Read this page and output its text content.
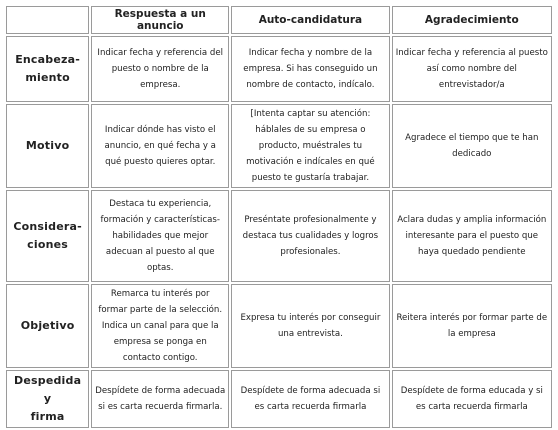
	Respuesta a un anuncio	Auto-candidatura	Agradecimiento

Encabeza-
miento	Indicar fecha y referencia del puesto o nombre de la empresa.	Indicar fecha y nombre de la empresa. Si has conseguido un nombre de contacto, indícalo.	Indicar fecha y referencia al puesto así como nombre del entrevistador/a

Motivo	Indicar dónde has visto el anuncio, en qué fecha y a qué puesto quieres optar.	[Intenta captar su atención: háblales de su empresa o producto, muéstrales tu motivación e indícales en qué puesto te gustaría trabajar.	Agradece el tiempo que te han dedicado

Considera-
ciones	Destaca tu experiencia, formación y características-habilidades que mejor adecuan al puesto al que optas.	Preséntate profesionalmente y destaca tus cualidades y logros profesionales.	Aclara dudas y amplia información interesante para el puesto que haya quedado pendiente

Objetivo	Remarca tu interés por formar parte de la selección. Indica un canal para que la empresa se ponga en contacto contigo.	Expresa tu interés por conseguir una entrevista.	Reitera interés por formar parte de la empresa

Despedida y
firma	Despídete de forma adecuada si es carta recuerda firmarla.	Despídete de forma adecuada si es carta recuerda firmarla	Despídete de forma educada y si es carta recuerda firmarla
